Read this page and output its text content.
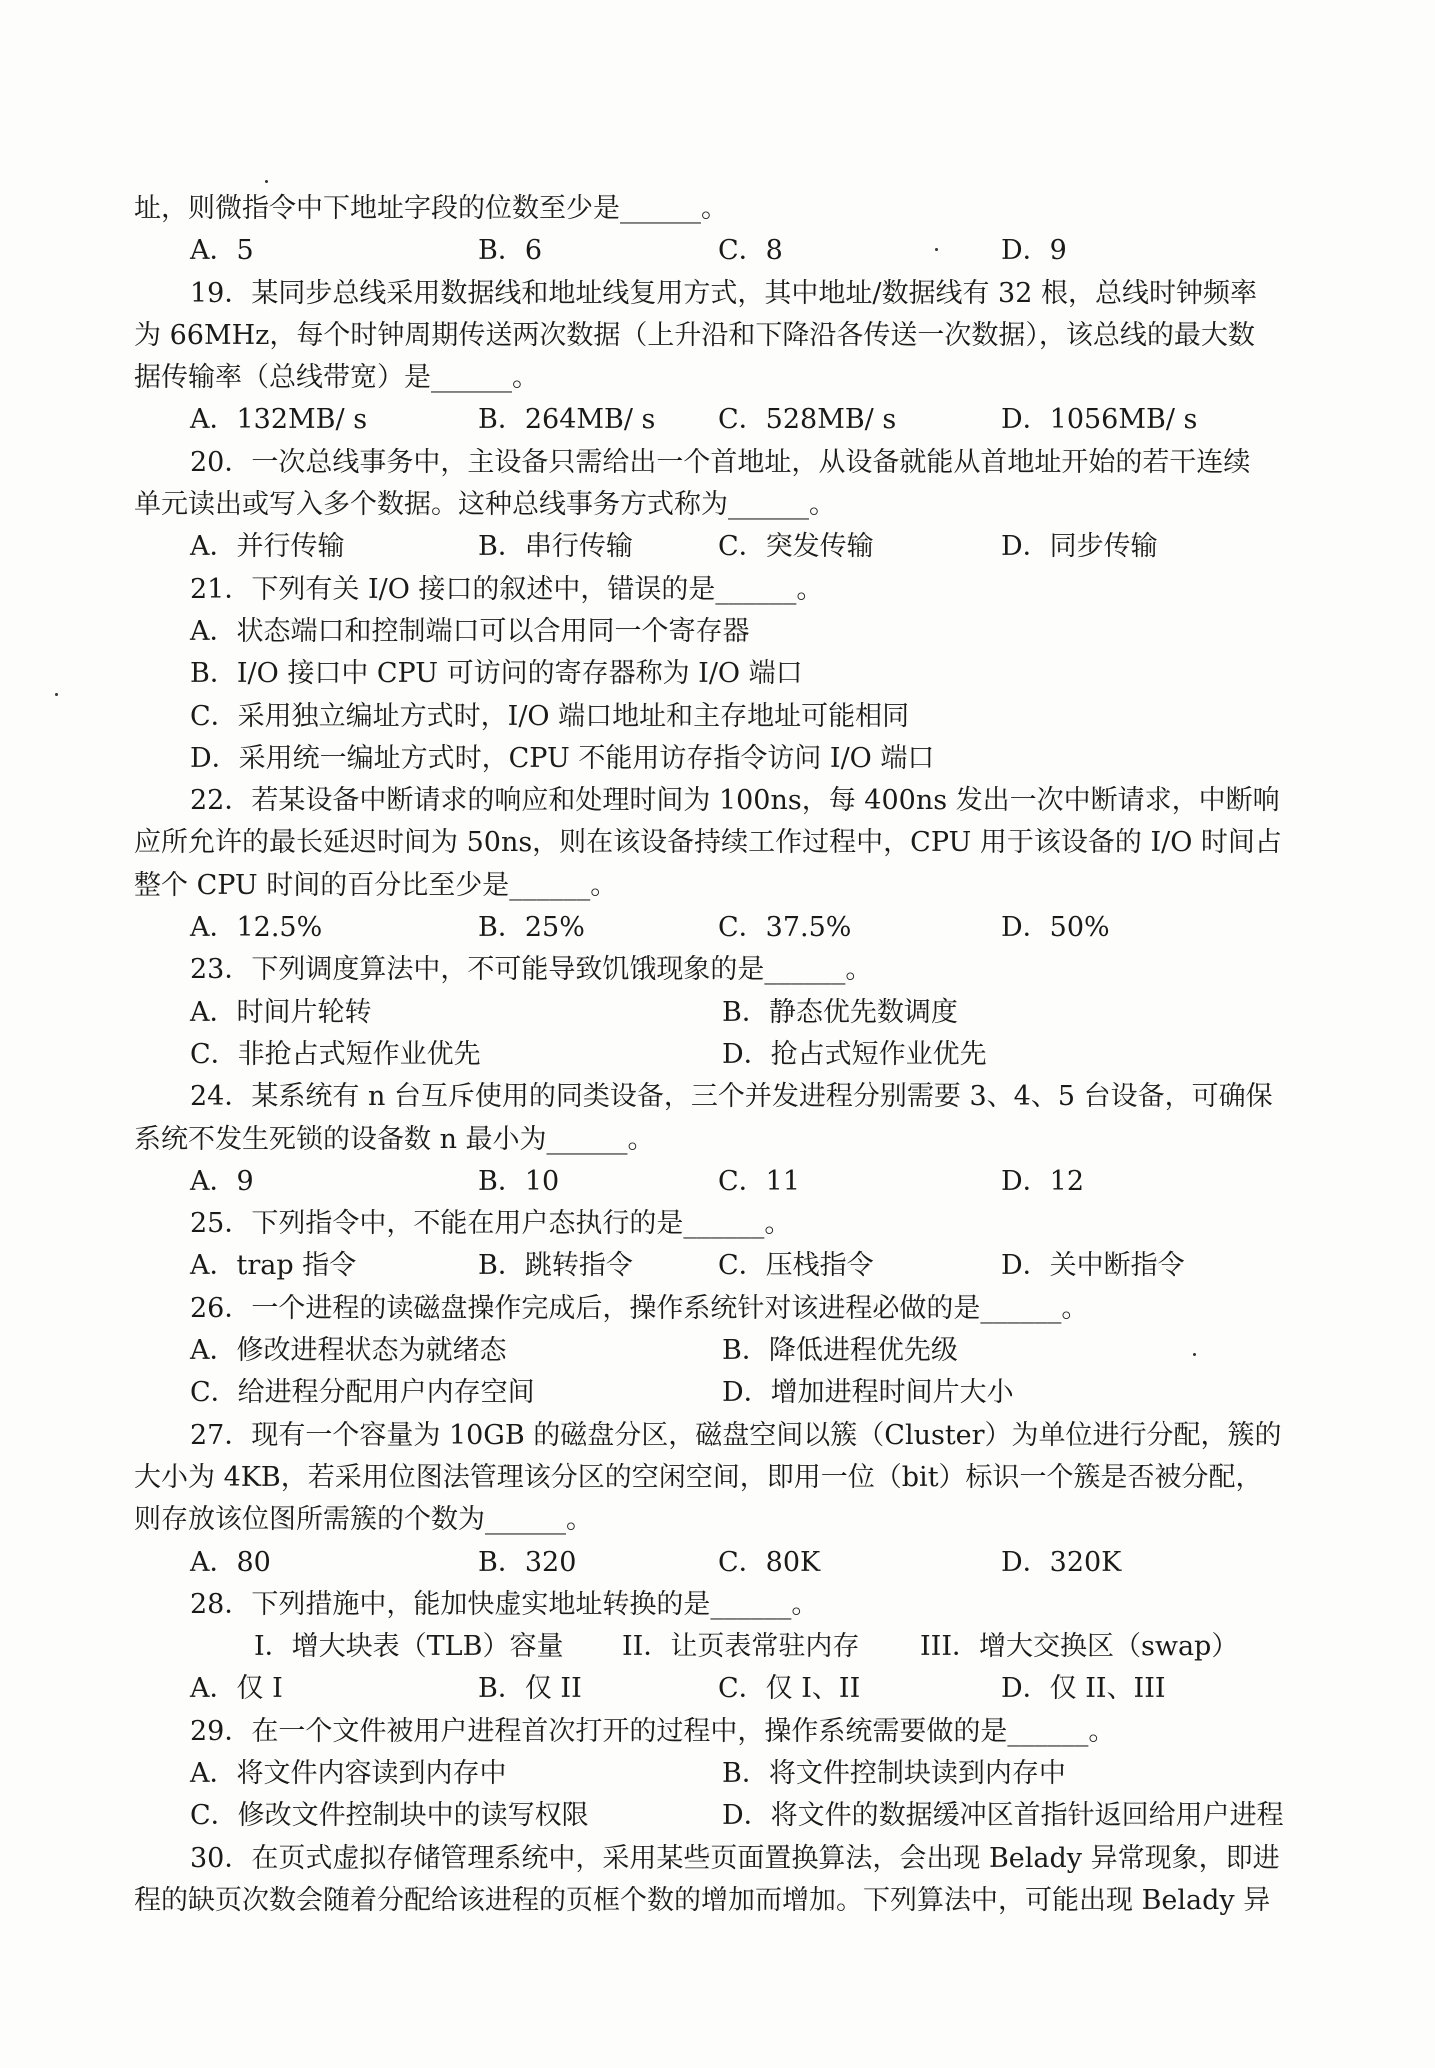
址，则微指令中下地址字段的位数至少是______。
A．5	B．6	C．8	D．9
19．某同步总线采用数据线和地址线复用方式，其中地址/数据线有 32 根，总线时钟频率
为 66MHz，每个时钟周期传送两次数据（上升沿和下降沿各传送一次数据），该总线的最大数
据传输率（总线带宽）是______。
A．132MB/ s	B．264MB/ s	C．528MB/ s	D．1056MB/ s
20．一次总线事务中，主设备只需给出一个首地址，从设备就能从首地址开始的若干连续
单元读出或写入多个数据。这种总线事务方式称为______。
A．并行传输	B．串行传输	C．突发传输	D．同步传输
21．下列有关 I/O 接口的叙述中，错误的是______。
A．状态端口和控制端口可以合用同一个寄存器
B．I/O 接口中 CPU 可访问的寄存器称为 I/O 端口
C．采用独立编址方式时，I/O 端口地址和主存地址可能相同
D．采用统一编址方式时，CPU 不能用访存指令访问 I/O 端口
22．若某设备中断请求的响应和处理时间为 100ns，每 400ns 发出一次中断请求，中断响
应所允许的最长延迟时间为 50ns，则在该设备持续工作过程中，CPU 用于该设备的 I/O 时间占
整个 CPU 时间的百分比至少是______。
A．12.5%	B．25%	C．37.5%	D．50%
23．下列调度算法中，不可能导致饥饿现象的是______。
A．时间片轮转	B．静态优先数调度
C．非抢占式短作业优先	D．抢占式短作业优先
24．某系统有 n 台互斥使用的同类设备，三个并发进程分别需要 3、4、5 台设备，可确保
系统不发生死锁的设备数 n 最小为______。
A．9	B．10	C．11	D．12
25．下列指令中，不能在用户态执行的是______。
A．trap 指令	B．跳转指令	C．压栈指令	D．关中断指令
26．一个进程的读磁盘操作完成后，操作系统针对该进程必做的是______。
A．修改进程状态为就绪态	B．降低进程优先级
C．给进程分配用户内存空间	D．增加进程时间片大小
27．现有一个容量为 10GB 的磁盘分区，磁盘空间以簇（Cluster）为单位进行分配，簇的
大小为 4KB，若采用位图法管理该分区的空闲空间，即用一位（bit）标识一个簇是否被分配，
则存放该位图所需簇的个数为______。
A．80	B．320	C．80K	D．320K
28．下列措施中，能加快虚实地址转换的是______。
I．增大块表（TLB）容量	II．让页表常驻内存	III．增大交换区（swap）
A．仅 I	B．仅 II	C．仅 I、II	D．仅 II、III
29．在一个文件被用户进程首次打开的过程中，操作系统需要做的是______。
A．将文件内容读到内存中	B．将文件控制块读到内存中
C．修改文件控制块中的读写权限	D．将文件的数据缓冲区首指针返回给用户进程
30．在页式虚拟存储管理系统中，采用某些页面置换算法，会出现 Belady 异常现象，即进
程的缺页次数会随着分配给该进程的页框个数的增加而增加。下列算法中，可能出现 Belady 异
